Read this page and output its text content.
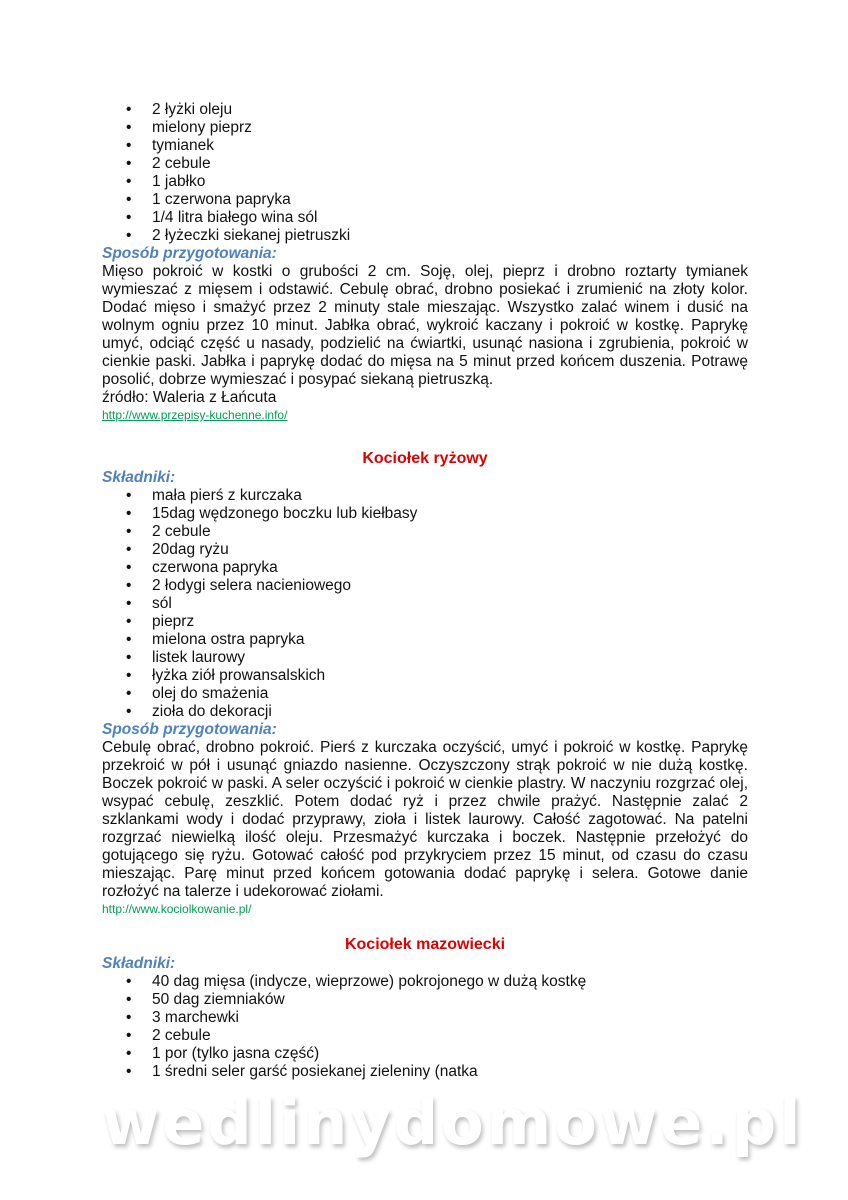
• 2 łyżki oleju
• mielony pieprz
• tymianek
• 2 cebule
• 1 jabłko
• 1 czerwona papryka
• 1/4 litra białego wina sól
• 2 łyżeczki siekanej pietruszki
Sposób przygotowania:
Mięso pokroić w kostki o grubości 2 cm. Soję, olej, pieprz i drobno roztarty tymianek wymieszać z mięsem i odstawić. Cebulę obrać, drobno posiekać i zrumienić na złoty kolor. Dodać mięso i smażyć przez 2 minuty stale mieszając. Wszystko zalać winem i dusić na wolnym ogniu przez 10 minut. Jabłka obrać, wykroić kaczany i pokroić w kostkę. Paprykę umyć, odciąć część u nasady, podzielić na ćwiartki, usunąć nasiona i zgrubienia, pokroić w cienkie paski. Jabłka i paprykę dodać do mięsa na 5 minut przed końcem duszenia. Potrawę posolić, dobrze wymieszać i posypać siekaną pietruszką.
źródło: Waleria z Łańcuta
http://www.przepisy-kuchenne.info/
Kociołek ryżowy
Składniki:
• mała pierś z kurczaka
• 15dag wędzonego boczku lub kiełbasy
• 2 cebule
• 20dag ryżu
• czerwona papryka
• 2 łodygi selera nacieniowego
• sól
• pieprz
• mielona ostra papryka
• listek laurowy
• łyżka ziół prowansalskich
• olej do smażenia
• zioła do dekoracji
Sposób przygotowania:
Cebulę obrać, drobno pokroić. Pierś z kurczaka oczyścić, umyć i pokroić w kostkę. Paprykę przekroić w pół i usunąć gniazdo nasienne. Oczyszczony strąk pokroić w nie dużą kostkę. Boczek pokroić w paski. A seler oczyścić i pokroić w cienkie plastry. W naczyniu rozgrzać olej, wsypać cebulę, zeszklić. Potem dodać ryż i przez chwile prażyć. Następnie zalać 2 szklankami wody i dodać przyprawy, zioła i listek laurowy. Całość zagotować. Na patelni rozgrzać niewielką ilość oleju. Przesmażyć kurczaka i boczek. Następnie przełożyć do gotującego się ryżu. Gotować całość pod przykryciem przez 15 minut, od czasu do czasu mieszając. Parę minut przed końcem gotowania dodać paprykę i selera. Gotowe danie rozłożyć na talerze i udekorować ziołami.
http://www.kociolkowanie.pl/
Kociołek mazowiecki
Składniki:
• 40 dag mięsa (indycze, wieprzowe) pokrojonego w dużą kostkę
• 50 dag ziemniaków
• 3 marchewki
• 2 cebule
• 1 por (tylko jasna część)
• 1 średni seler garść posiekanej zieleniny (natka
wedlinydomowe.pl
